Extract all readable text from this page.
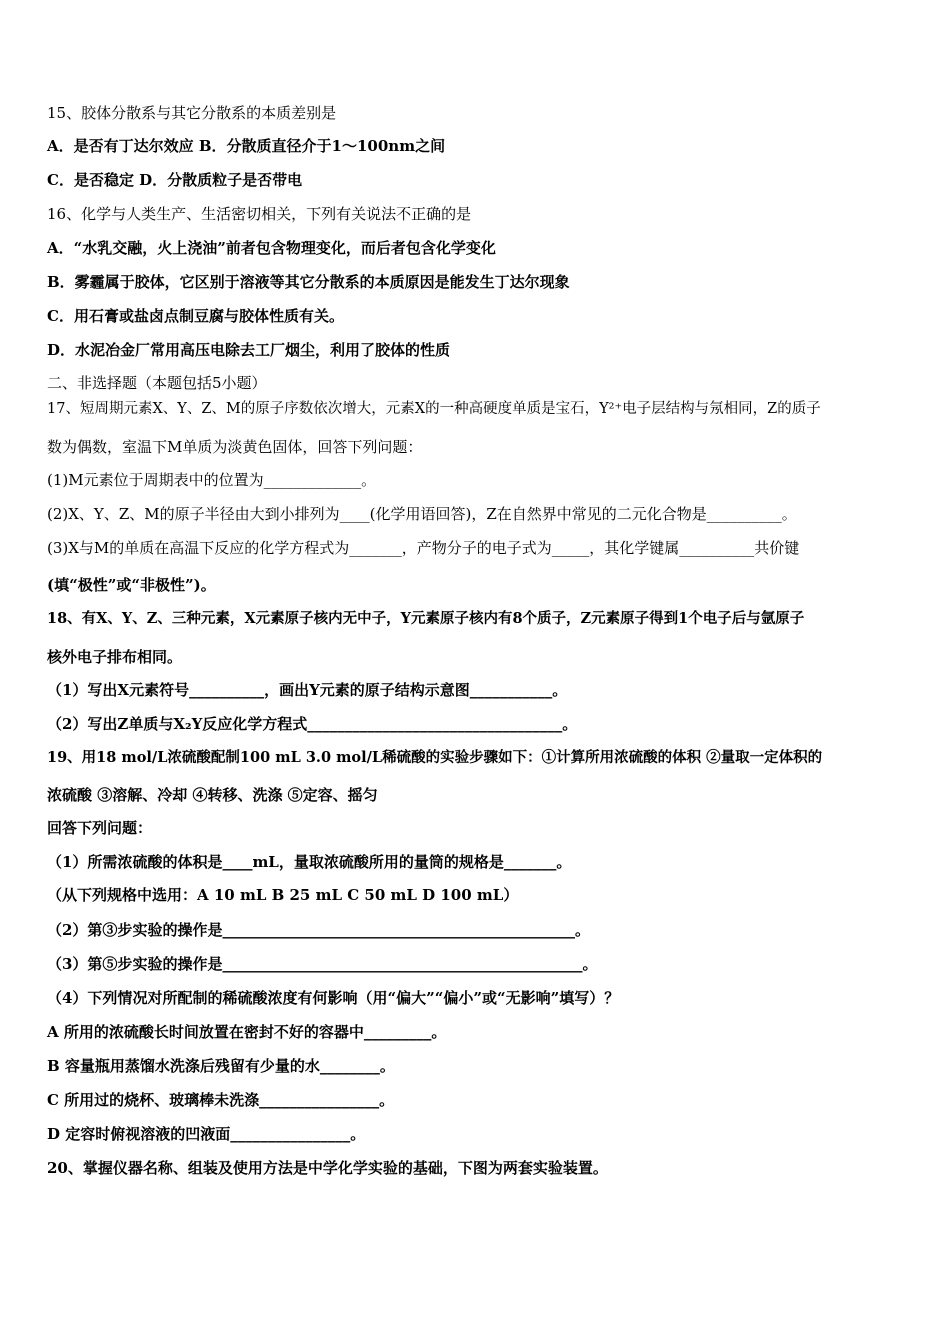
15、胶体分散系与其它分散系的本质差别是
A．是否有丁达尔效应 B．分散质直径介于1～100nm之间
C．是否稳定 D．分散质粒子是否带电
16、化学与人类生产、生活密切相关，下列有关说法不正确的是
A．“水乳交融，火上浇油”前者包含物理变化，而后者包含化学变化
B．雾霾属于胶体，它区别于溶液等其它分散系的本质原因是能发生丁达尔现象
C．用石膏或盐卤点制豆腐与胶体性质有关。
D．水泥冶金厂常用高压电除去工厂烟尘，利用了胶体的性质
二、非选择题（本题包括5小题）
17、短周期元素X、Y、Z、M的原子序数依次增大，元素X的一种高硬度单质是宝石，Y²⁺电子层结构与氖相同，Z的质子
数为偶数，室温下M单质为淡黄色固体，回答下列问题：
(1)M元素位于周期表中的位置为_____________。
(2)X、Y、Z、M的原子半径由大到小排列为____(化学用语回答)，Z在自然界中常见的二元化合物是__________。
(3)X与M的单质在高温下反应的化学方程式为_______，产物分子的电子式为_____，其化学键属__________共价键
(填“极性”或“非极性”)。
18、有X、Y、Z、三种元素，X元素原子核内无中子，Y元素原子核内有8个质子，Z元素原子得到1个电子后与氩原子
核外电子排布相同。
（1）写出X元素符号__________，画出Y元素的原子结构示意图___________。
（2）写出Z单质与X₂Y反应化学方程式__________________________________。
19、用18 mol/L浓硫酸配制100 mL 3.0 mol/L稀硫酸的实验步骤如下：①计算所用浓硫酸的体积 ②量取一定体积的
浓硫酸 ③溶解、冷却 ④转移、洗涤 ⑤定容、摇匀
回答下列问题：
（1）所需浓硫酸的体积是____mL，量取浓硫酸所用的量筒的规格是_______。
（从下列规格中选用：A 10 mL B 25 mL C 50 mL D 100 mL）
（2）第③步实验的操作是_______________________________________________。
（3）第⑤步实验的操作是________________________________________________。
（4）下列情况对所配制的稀硫酸浓度有何影响（用“偏大”“偏小”或“无影响”填写）？
A 所用的浓硫酸长时间放置在密封不好的容器中_________。
B 容量瓶用蒸馏水洗涤后残留有少量的水________。
C 所用过的烧杯、玻璃棒未洗涤________________。
D 定容时俯视溶液的凹液面________________。
20、掌握仪器名称、组装及使用方法是中学化学实验的基础，下图为两套实验装置。
